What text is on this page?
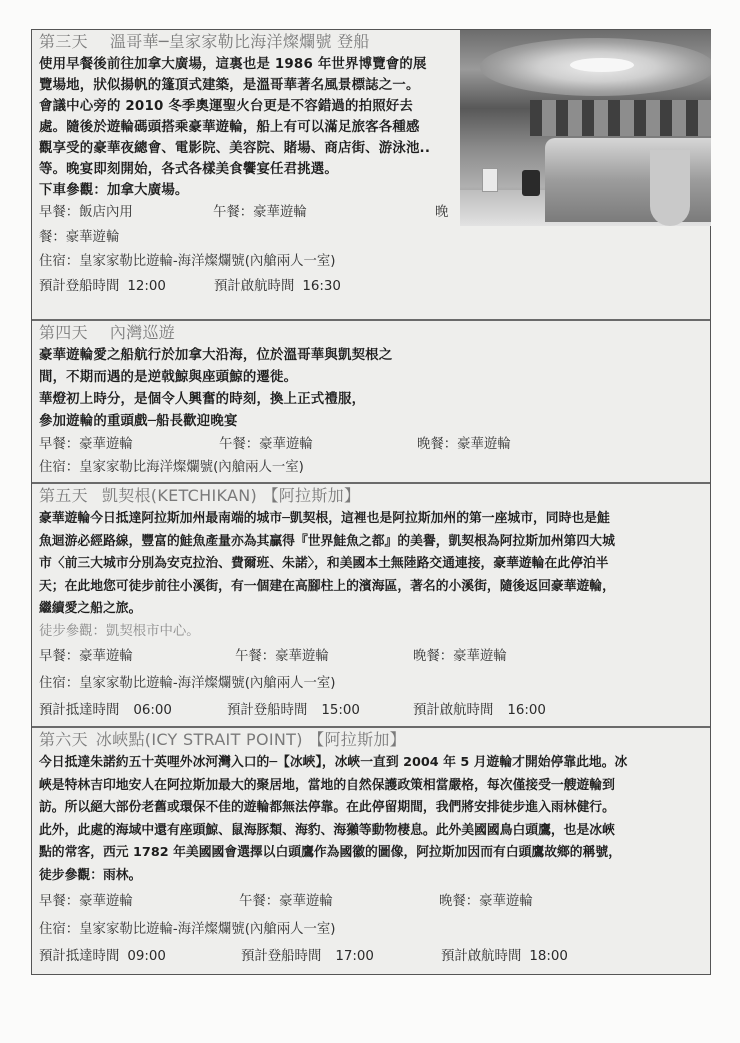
第三天 溫哥華─皇家家勒比海洋燦爛號 登船
使用早餐後前往加拿大廣場，這裏也是 1986 年世界博覽會的展
覽場地，狀似揚帆的篷頂式建築，是溫哥華著名風景標誌之一。
會議中心旁的 2010 冬季奧運聖火台更是不容錯過的拍照好去
處。隨後於遊輪碼頭搭乘豪華遊輪，船上有可以滿足旅客各種感
觀享受的豪華夜總會、電影院、美容院、賭場、商店街、游泳池..
等。晚宴即刻開始，各式各樣美食饗宴任君挑選。
下車參觀：加拿大廣場。
早餐：飯店內用	午餐：豪華遊輪	晚
餐：豪華遊輪
住宿：皇家家勒比遊輪-海洋燦爛號(內艙兩人一室)
預計登船時間 12:00	預計啟航時間 16:30
第四天 內灣巡遊
豪華遊輪愛之船航行於加拿大沿海，位於溫哥華與凱契根之
間，不期而遇的是逆戟鯨與座頭鯨的遷徙。
華燈初上時分，是個令人興奮的時刻，換上正式禮服，
參加遊輪的重頭戲─船長歡迎晚宴
早餐：豪華遊輪	午餐：豪華遊輪	晚餐：豪華遊輪
住宿：皇家家勒比海洋燦爛號(內艙兩人一室)
第五天 凱契根(KETCHIKAN) 【阿拉斯加】
豪華遊輪今日抵達阿拉斯加州最南端的城市─凱契根，這裡也是阿拉斯加州的第一座城市，同時也是鮭
魚迴游必經路線，豐富的鮭魚產量亦為其贏得『世界鮭魚之都』的美譽，凱契根為阿拉斯加州第四大城
市〈前三大城市分別為安克拉治、費爾班、朱諾〉，和美國本土無陸路交通連接，豪華遊輪在此停泊半
天；在此地您可徒步前往小溪街，有一個建在高腳柱上的濱海區，著名的小溪街，隨後返回豪華遊輪，
繼續愛之船之旅。
徒步參觀：凱契根市中心。
早餐：豪華遊輪	午餐：豪華遊輪	晚餐：豪華遊輪
住宿：皇家家勒比遊輪-海洋燦爛號(內艙兩人一室)
預計抵達時間 06:00	預計登船時間 15:00	預計啟航時間 16:00
第六天 冰峽點(ICY STRAIT POINT) 【阿拉斯加】
今日抵達朱諾約五十英哩外冰河灣入口的─【冰峽】，冰峽一直到 2004 年 5 月遊輪才開始停靠此地。冰
峽是特林吉印地安人在阿拉斯加最大的聚居地，當地的自然保護政策相當嚴格，每次僅接受一艘遊輪到
訪。所以絕大部份老舊或環保不佳的遊輪都無法停靠。在此停留期間，我們將安排徒步進入雨林健行。
此外，此處的海域中還有座頭鯨、鼠海豚類、海豹、海獺等動物棲息。此外美國國鳥白頭鷹，也是冰峽
點的常客，西元 1782 年美國國會選擇以白頭鷹作為國徽的圖像，阿拉斯加因而有白頭鷹故鄉的稱號，
徒步參觀：雨林。
早餐：豪華遊輪	午餐：豪華遊輪	晚餐：豪華遊輪
住宿：皇家家勒比遊輪-海洋燦爛號(內艙兩人一室)
預計抵達時間 09:00	預計登船時間 17:00	預計啟航時間 18:00
